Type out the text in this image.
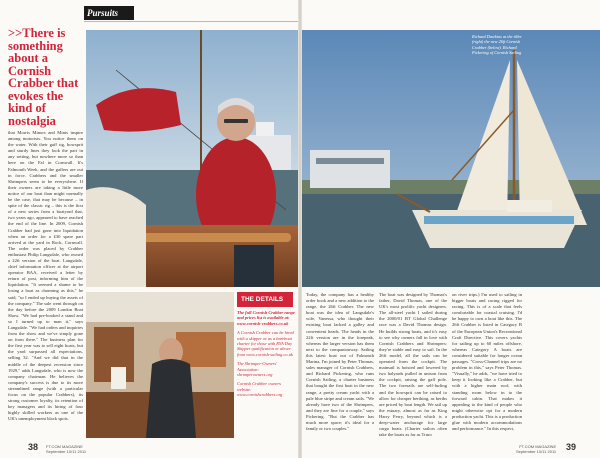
Pursuits
>>There is something about a Cornish Crabber that evokes the kind of nostalgia
that Morris Minors and Minis inspire among motorists. You notice them on the water. With their gaff rig, bowsprit and sturdy lines they look the part in any setting, but nowhere more so than here on the Fal in Cornwall. It's Falmouth Week, and the gaffers are out in force. Crabbers and the smaller Shrimpers seem to be everywhere. If their owners are taking a little more notice of our boat than might normally be the case, that may be because – in spite of the classic rig – this is the first of a new series from a boatyard that, two years ago, appeared to have reached the end of the line. In 2009, Cornish Crabber had just gone into liquidation when an order for a £30 spare part arrived at the yard in Rock, Cornwall. The order was placed by Crabber enthusiast Philip Langsdale, who owned a 22ft version of the boat. Langsdale, chief information officer at the airport operator BAA, received a letter by return of post, informing him of the liquidation. "It seemed a shame to be losing a boat as charming as this," he said, "so I ended up buying the assets of the company." The sale went through on the day before the 2009 London Boat Show. "We had pre-booked a stand and so I turned up to man it," says Langsdale. "We had orders and inquiries from the show and we've simply gone on from there." The business plan for the first year was to sell eight boats, but the yard surpassed all expectations, selling 32. "And we did that in the middle of the deepest recession since 1929," adds Langsdale, who is now the company chairman. He believes the company's success is due to its more streamlined range (with a particular focus on the popular Crabbers), its strong customer loyalty, its retention of key managers and its hiring of four highly skilled workers as one of the UK's unemployment black spots.

Richard Dawkins at the tiller (right) the new 26ft Cornish Crabber (below). Richard Pickering of Cornish Sailing

THE DETAILS

The full Cornish Crabber range and prices list is available at: www.cornish-crabbers.co.uk

A Cornish Crabber can be hired with a skipper or as a bareboat charter for those with RYA Day Skipper qualification or above from www.cornish-sailing.co.uk

The Shrimper-Owners' Association: shrimperowners.org

Cornish Crabber owners website: www.cornishcrabbers.org

Today, the company has a healthy order book and a new addition to the range, the 26ft Crabber. The new boat was the idea of Langsdale's wife, Vanessa, who thought their existing boat lacked a galley and convenient heads. The heads in the 22ft version are in the forepeak, whereas the larger version has them next to the companionway. Sailing this latest boat out of Falmouth Marina, I'm joined by Peter Thomas, sales manager of Cornish Crabbers, and Richard Pickering, who runs Cornish Sailing, a charter business that bought the first boat in the new range, a pretty cream yacht with a pale blue stripe and cream sails. "We already have two of the Shrimpers, and they are fine for a couple," says Pickering. "But the Crabber has much more space; it's ideal for a family or two couples."
The boat was designed by Thomas's father, David Thomas, one of the UK's most prolific yacht designers. The all-steel yacht I sailed during the 2000/01 BT Global Challenge race was a David Thomas design. He builds strong boats, and it's easy to see why owners fall in love with Cornish Crabbers and Shrimpers: they're stable and easy to sail. In the 26ft model, all the sails can be operated from the cockpit. The mainsail is hoisted and lowered by two halyards pulled in unison from the cockpit, raising the gaff pole. The two foresails are self-furling and the bowsprit can be raised to allow for cheaper berthing, as berths are priced by boat length. We sail up the estuary, almost as far as King Harry Ferry, beyond which is a deep-water anchorage for large cargo boats. (Charter sailors often take the boats as far as Truro
on river trips.) I'm used to sailing in bigger boats and racing rigged for racing. This is of a scale that feels comfortable for coastal cruising. I'd be happy to own a boat like this. The 26ft Crabber is listed in Category B of the European Union's Recreational Craft Directive. This covers yachts for sailing up to 60 miles offshore, whereas Category A boats are considered suitable for longer ocean passages. "Cross-Channel trips are no problem in this," says Peter Thomas. "Visually," he adds, "we have tried to keep it looking like a Crabber, but with a higher main roof, with standing room below in to the forward cabin. That makes it appealing to the kind of people who might otherwise opt for a modern production yacht. This is a production glue with modern accommodations and performance." In this respect,
38 FT.COM MAGAZINE
September 10/11 2011
FT.COM MAGAZINE
September 10/11 2011 39
